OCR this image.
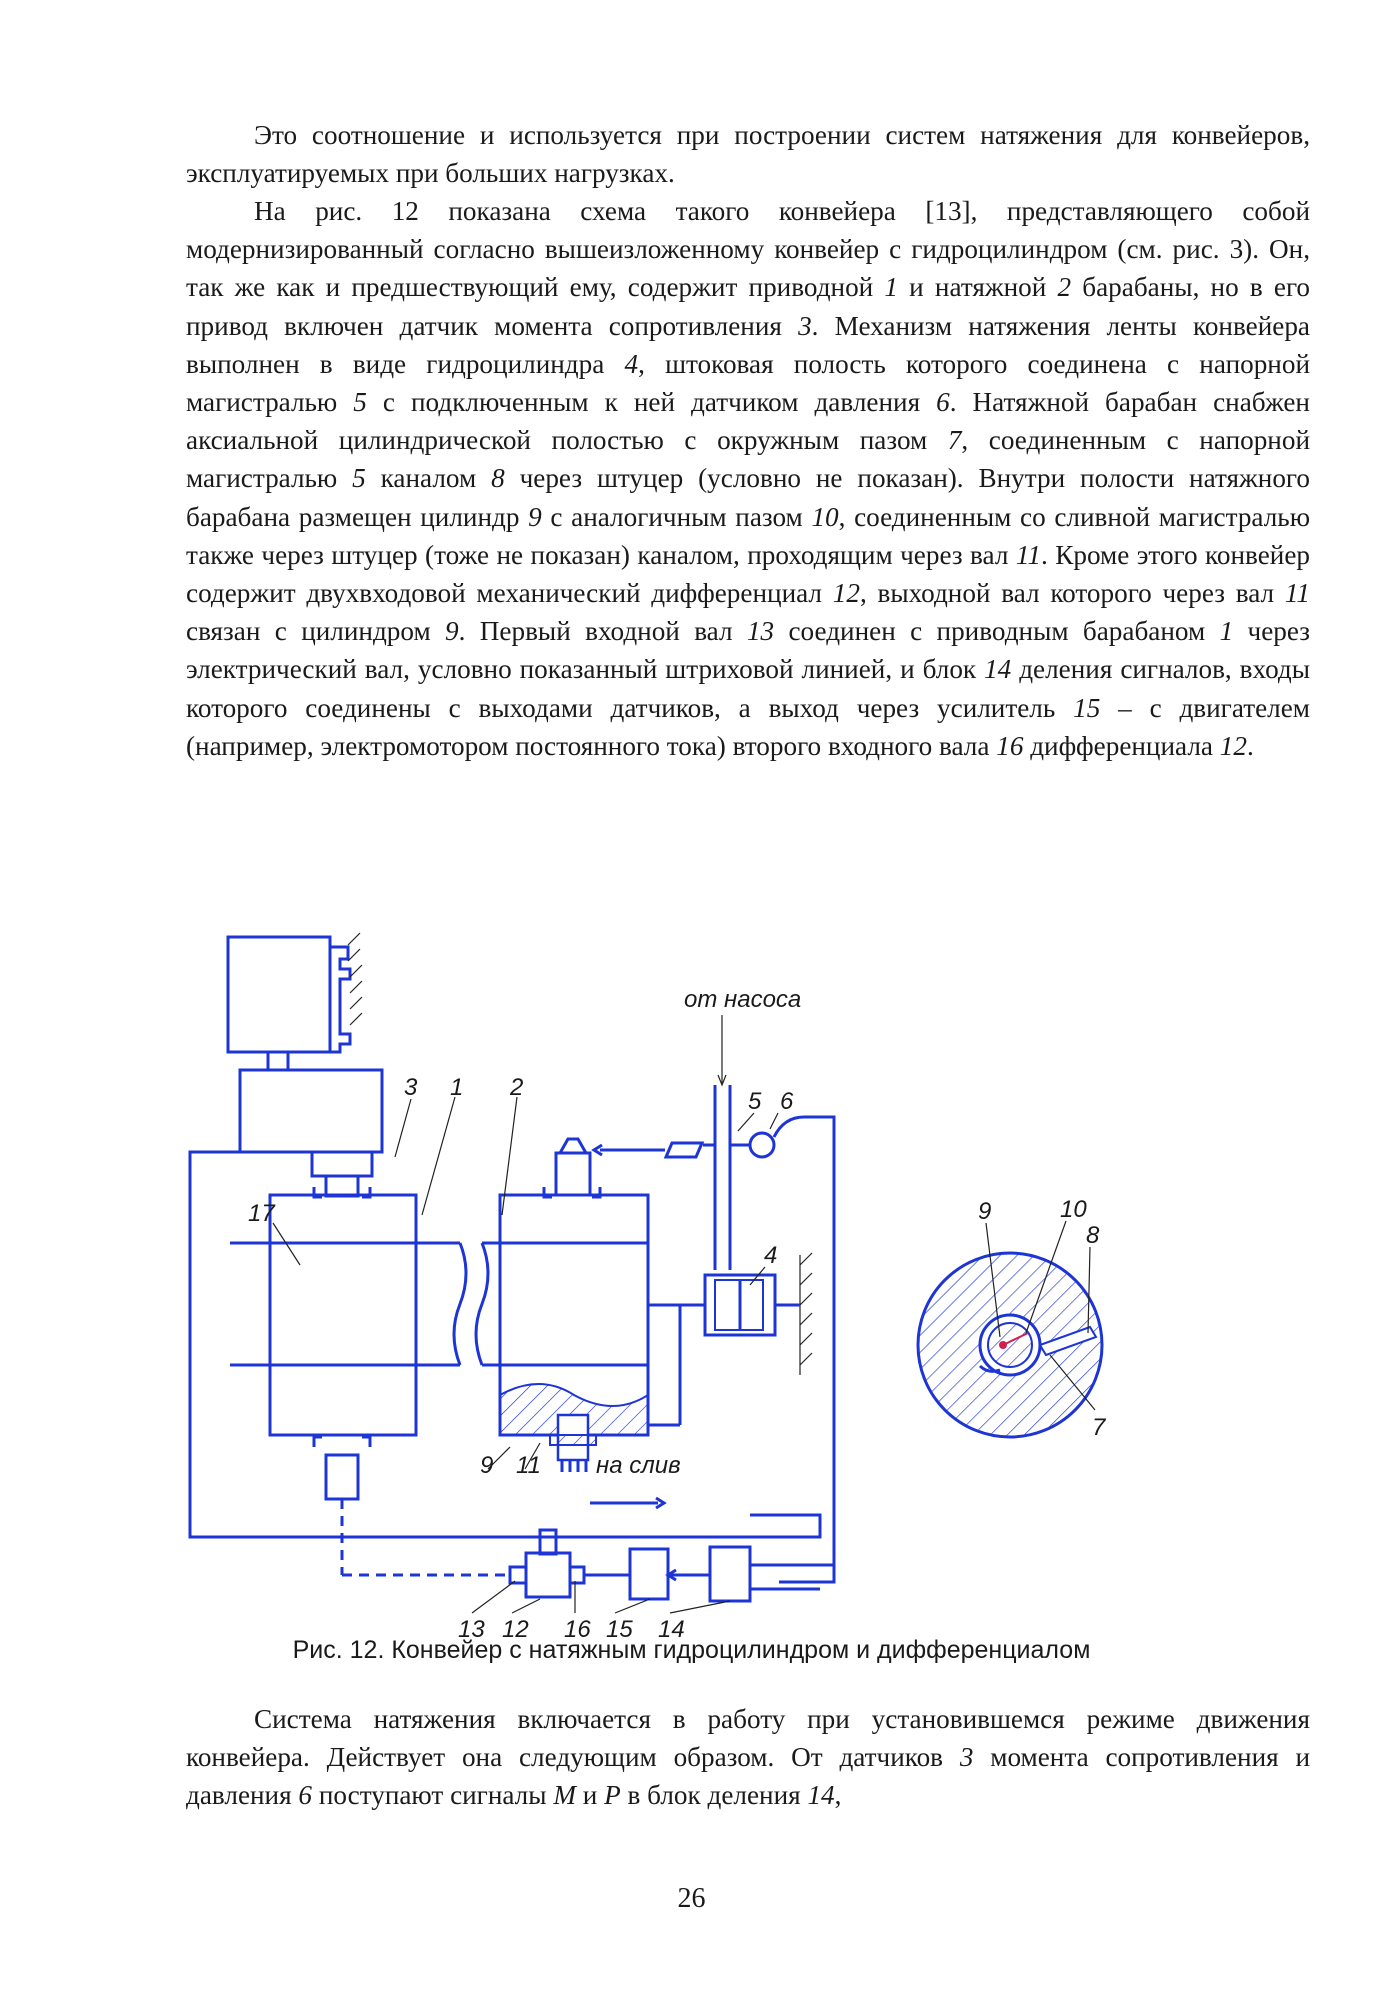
Это соотношение и используется при построении систем натяжения для конвейеров, эксплуатируемых при больших нагрузках.

На рис. 12 показана схема такого конвейера [13], представляющего собой модернизированный согласно вышеизложенному конвейер с гидроцилиндром (см. рис. 3). Он, так же как и предшествующий ему, содержит приводной 1 и натяжной 2 барабаны, но в его привод включен датчик момента сопротивления 3. Механизм натяжения ленты конвейера выполнен в виде гидроцилиндра 4, штоковая полость которого соединена с напорной магистралью 5 с подключенным к ней датчиком давления 6. Натяжной барабан снабжен аксиальной цилиндрической полостью с окружным пазом 7, соединенным с напорной магистралью 5 каналом 8 через штуцер (условно не показан). Внутри полости натяжного барабана размещен цилиндр 9 с аналогичным пазом 10, соединенным со сливной магистралью также через штуцер (тоже не показан) каналом, проходящим через вал 11. Кроме этого конвейер содержит двухвходовой механический дифференциал 12, выходной вал которого через вал 11 связан с цилиндром 9. Первый входной вал 13 соединен с приводным барабаном 1 через электрический вал, условно показанный штриховой линией, и блок 14 деления сигналов, входы которого соединены с выходами датчиков, а выход через усилитель 15 – с двигателем (например, электромотором постоянного тока) второго входного вала 16 дифференциала 12.

от насоса
на слив
1 2
3
4
5 6
7
8
9
9
10
11
12
13	14
15
16
17

Рис. 12. Конвейер с натяжным гидроцилиндром и дифференциалом

Система натяжения включается в работу при установившемся режиме движения конвейера. Действует она следующим образом. От датчиков 3 момента сопротивления и давления 6 поступают сигналы M и P в блок деления 14,

26
